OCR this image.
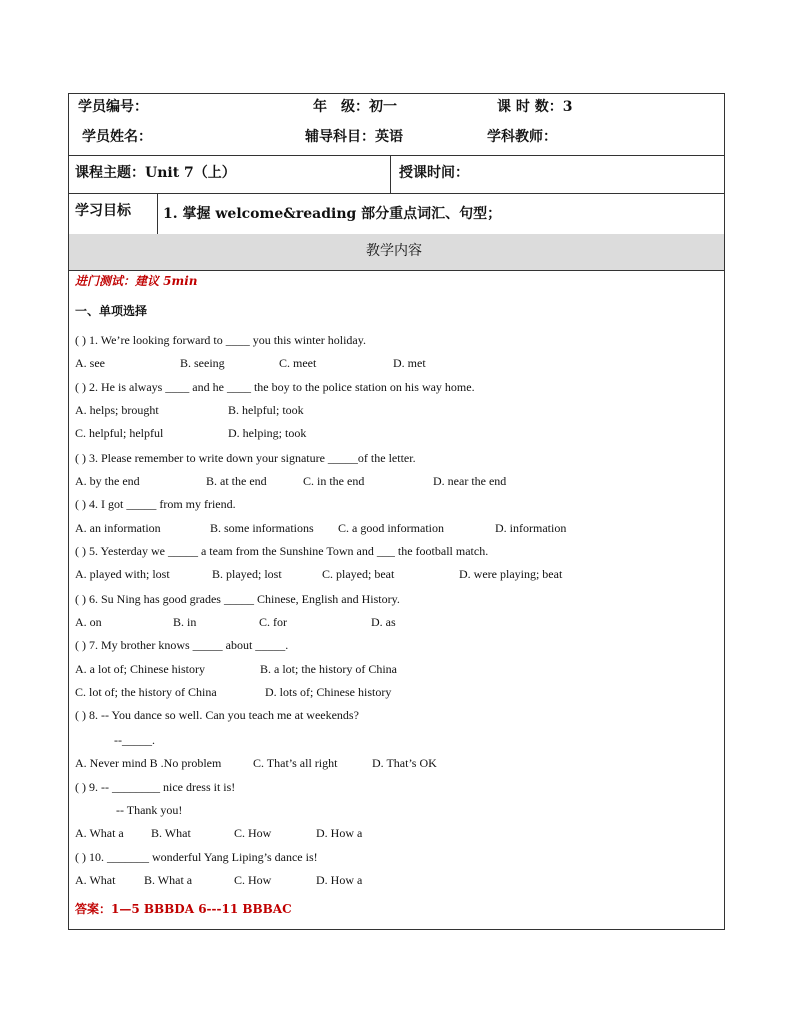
学员编号：	年　级：初一	课 时 数：3
学员姓名：	辅导科目：英语	学科教师：
课程主题：Unit 7（上）	授课时间：
学习目标 1. 掌握 welcome&reading 部分重点词汇、句型；
教学内容
进门测试：建议 5min
一、单项选择
( ) 1. We’re looking forward to ____ you this winter holiday.
A. see	B. seeing	C. meet	D. met
( ) 2. He is always ____ and he ____ the boy to the police station on his way home.
A. helps; brought	B. helpful; took
C. helpful; helpful	D. helping; took
( ) 3. Please remember to write down your signature _____of the letter.
A. by the end	B. at the end	C. in the end	D. near the end
( ) 4. I got _____ from my friend.
A. an information	B. some informations C. a good information	D. information
( ) 5. Yesterday we _____ a team from the Sunshine Town and ___ the football match.
A. played with; lost	B. played; lost	C. played; beat	D. were playing; beat
( ) 6. Su Ning has good grades _____ Chinese, English and History.
A. on	B. in	C. for	D. as
( ) 7. My brother knows _____ about _____.
A. a lot of; Chinese history	B. a lot; the history of China
C. lot of; the history of China	D. lots of; Chinese history
( ) 8. -- You dance so well. Can you teach me at weekends?
--_____.
A. Never mind B .No problem	C. That’s all right	D. That’s OK
( ) 9. -- ________ nice dress it is!
-- Thank you!
A. What a B. What	C. How	D. How a
( ) 10. _______ wonderful Yang Liping’s dance is!
A. What B. What a	C. How	D. How a
答案：1—5 BBBDA 6---11 BBBAC
